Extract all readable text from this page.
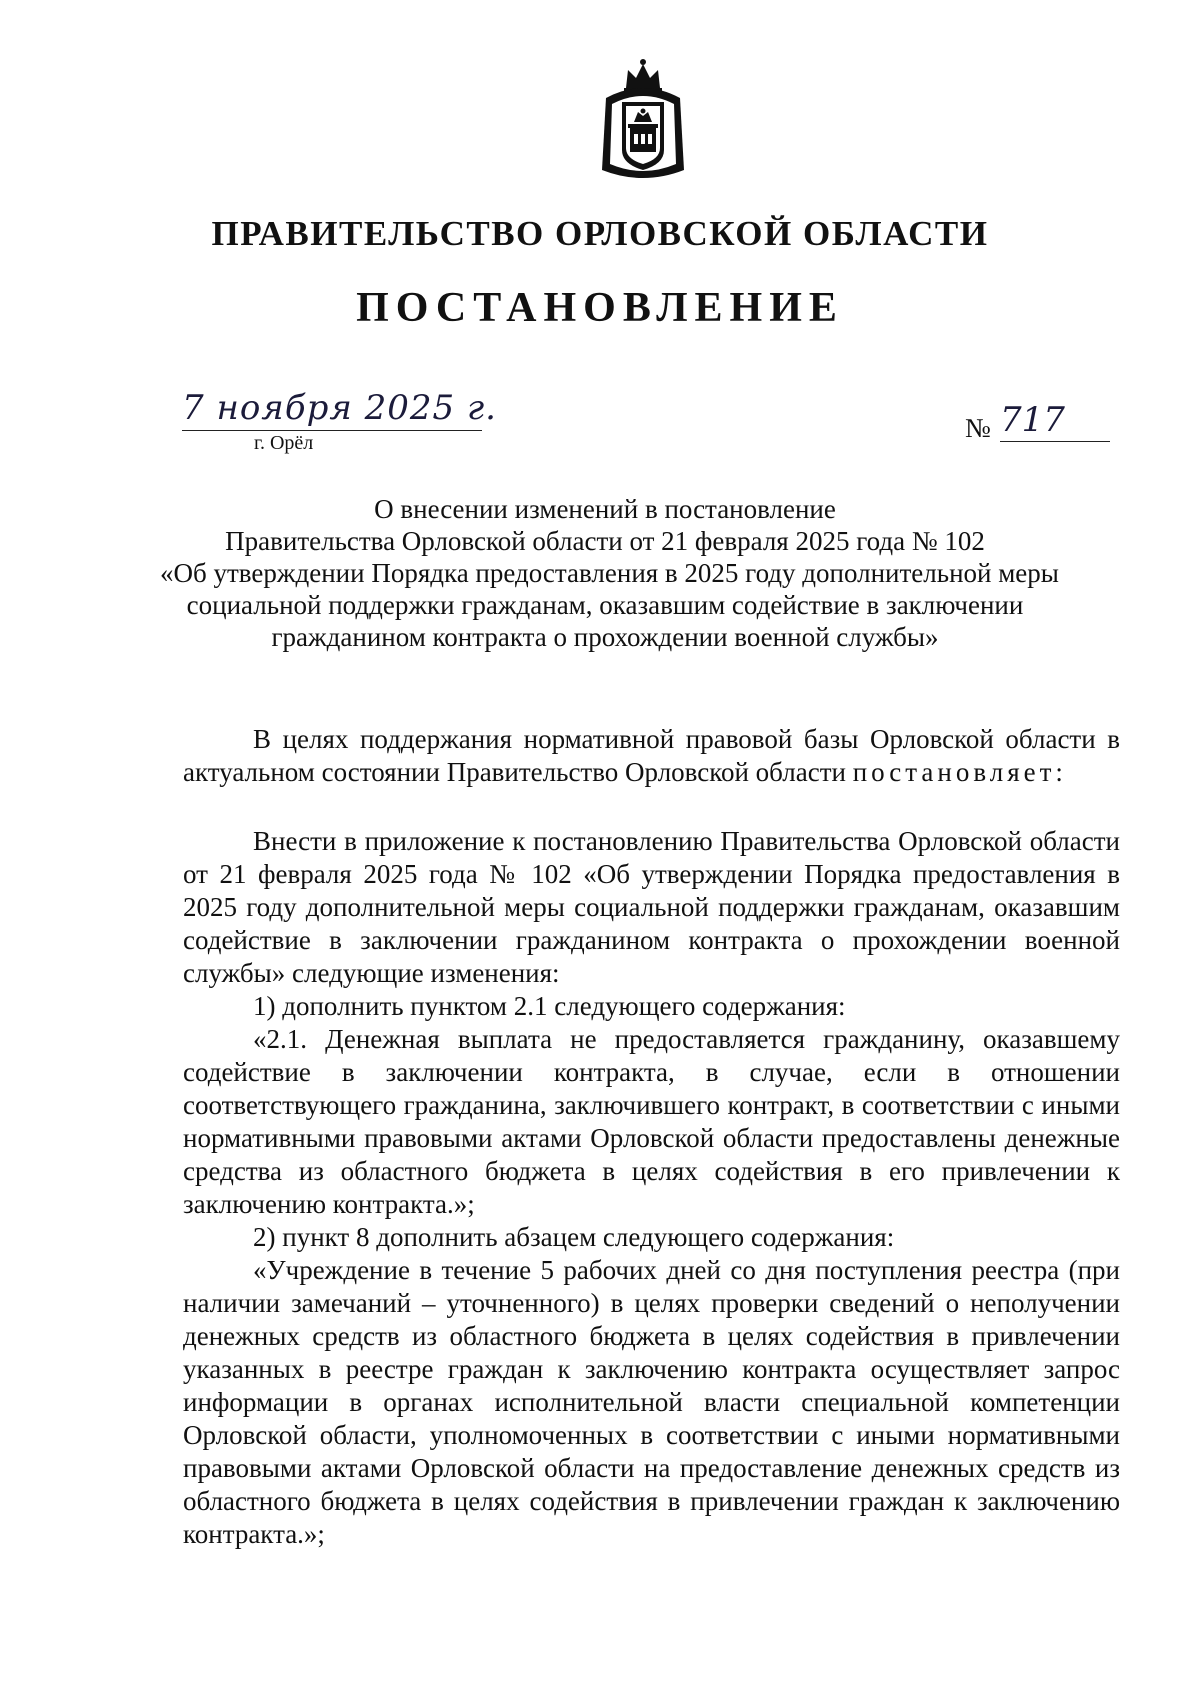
ПРАВИТЕЛЬСТВО ОРЛОВСКОЙ ОБЛАСТИ
ПОСТАНОВЛЕНИЕ
7 ноября 2025 г.
г. Орёл	№ 717
О внесении изменений в постановление
Правительства Орловской области от 21 февраля 2025 года № 102
«Об утверждении Порядка предоставления в 2025 году дополнительной меры
социальной поддержки гражданам, оказавшим содействие в заключении
гражданином контракта о прохождении военной службы»

В целях поддержания нормативной правовой базы Орловской области в актуальном состоянии Правительство Орловской области постановляет:

Внести в приложение к постановлению Правительства Орловской области от 21 февраля 2025 года № 102 «Об утверждении Порядка предоставления в 2025 году дополнительной меры социальной поддержки гражданам, оказавшим содействие в заключении гражданином контракта о прохождении военной службы» следующие изменения:

1) дополнить пунктом 2.1 следующего содержания:

«2.1. Денежная выплата не предоставляется гражданину, оказавшему содействие в заключении контракта, в случае, если в отношении соответствующего гражданина, заключившего контракт, в соответствии с иными нормативными правовыми актами Орловской области предоставлены денежные средства из областного бюджета в целях содействия в его привлечении к заключению контракта.»;

2) пункт 8 дополнить абзацем следующего содержания:

«Учреждение в течение 5 рабочих дней со дня поступления реестра (при наличии замечаний – уточненного) в целях проверки сведений о неполучении денежных средств из областного бюджета в целях содействия в привлечении указанных в реестре граждан к заключению контракта осуществляет запрос информации в органах исполнительной власти специальной компетенции Орловской области, уполномоченных в соответствии с иными нормативными правовыми актами Орловской области на предоставление денежных средств из областного бюджета в целях содействия в привлечении граждан к заключению контракта.»;
